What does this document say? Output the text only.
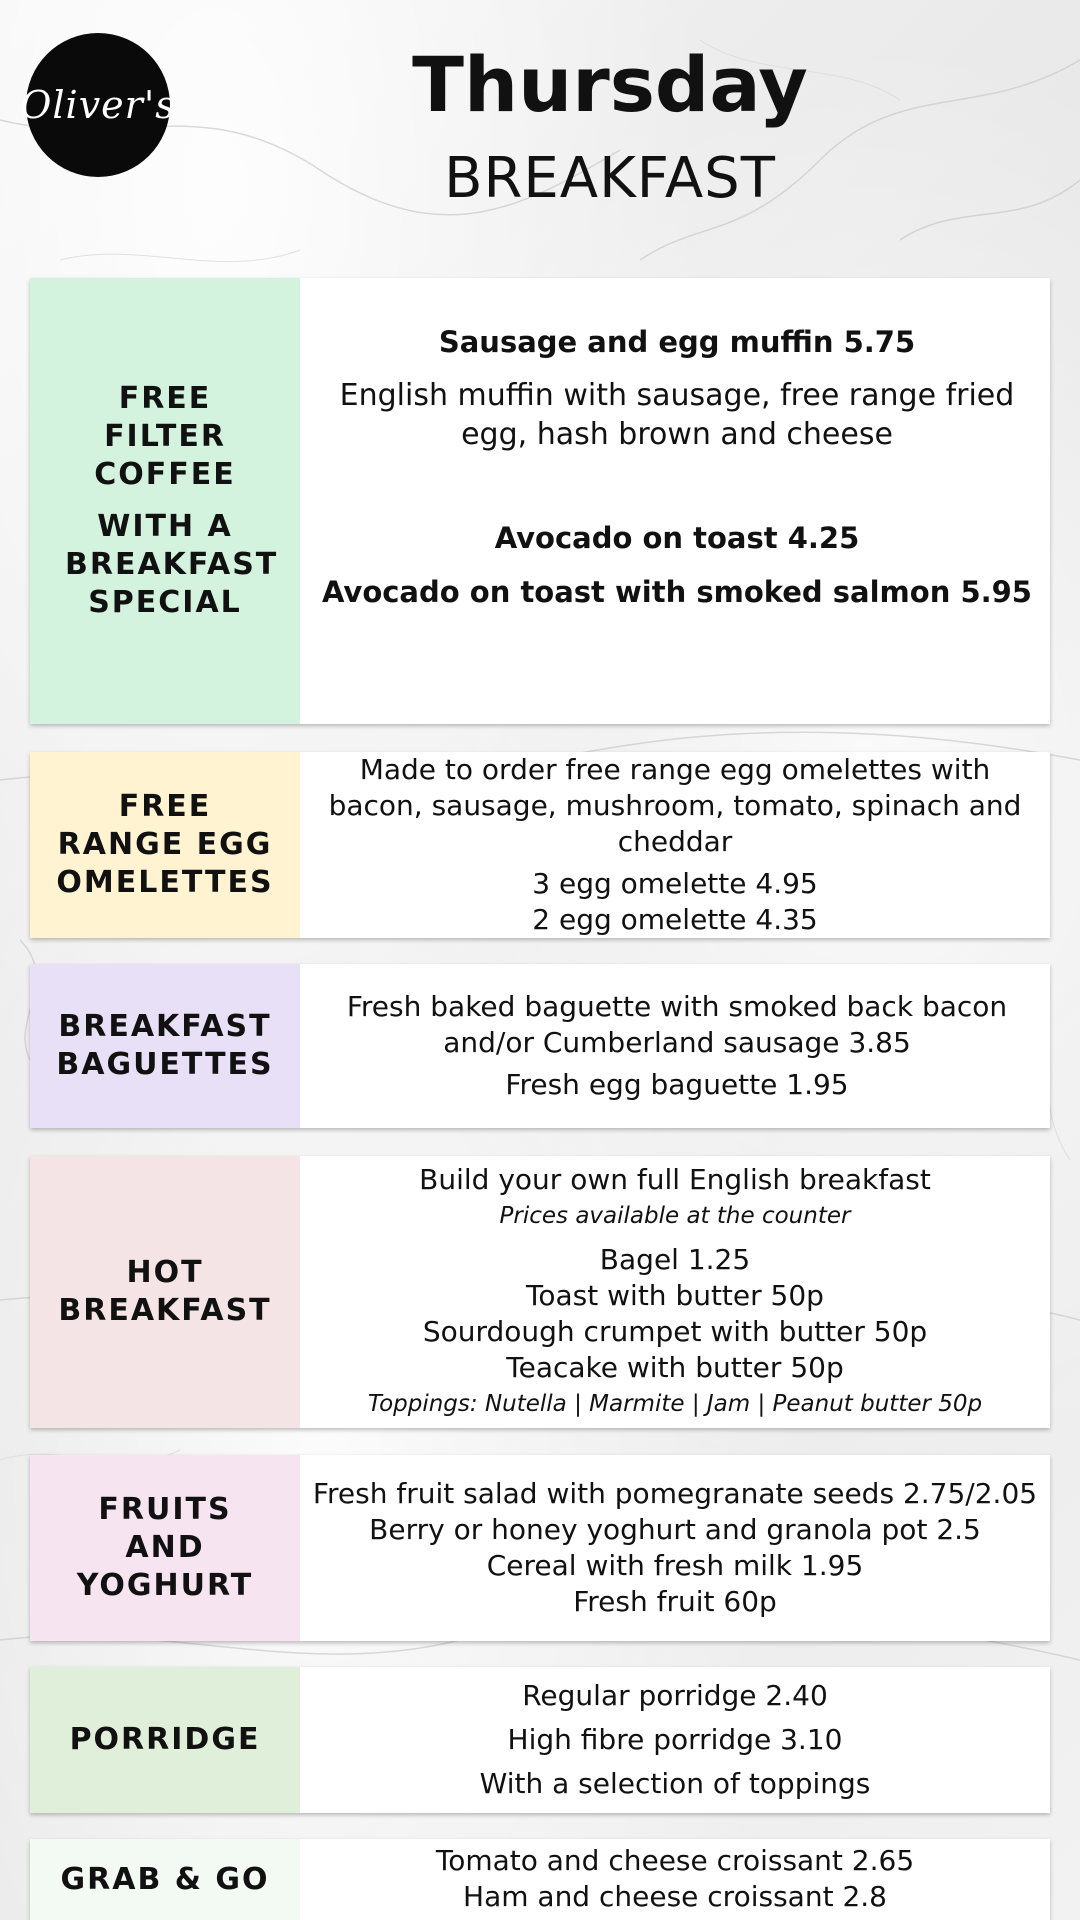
Oliver's	Thursday
BREAKFAST
FREE FILTER COFFEE
WITH A BREAKFAST SPECIAL
Sausage and egg muffin 5.75
English muffin with sausage, free range fried egg, hash brown and cheese
Avocado on toast 4.25
Avocado on toast with smoked salmon 5.95
FREE RANGE EGG OMELETTES
Made to order free range egg omelettes with bacon, sausage, mushroom, tomato, spinach and cheddar
3 egg omelette 4.95
2 egg omelette 4.35
BREAKFAST BAGUETTES
Fresh baked baguette with smoked back bacon and/or Cumberland sausage 3.85
Fresh egg baguette 1.95
HOT BREAKFAST
Build your own full English breakfast
Prices available at the counter
Bagel 1.25
Toast with butter 50p
Sourdough crumpet with butter 50p
Teacake with butter 50p
Toppings: Nutella | Marmite | Jam | Peanut butter 50p
FRUITS AND YOGHURT
Fresh fruit salad with pomegranate seeds 2.75/2.05
Berry or honey yoghurt and granola pot 2.5
Cereal with fresh milk 1.95
Fresh fruit 60p
PORRIDGE
Regular porridge 2.40
High fibre porridge 3.10
With a selection of toppings
GRAB & GO
Tomato and cheese croissant 2.65
Ham and cheese croissant 2.8
